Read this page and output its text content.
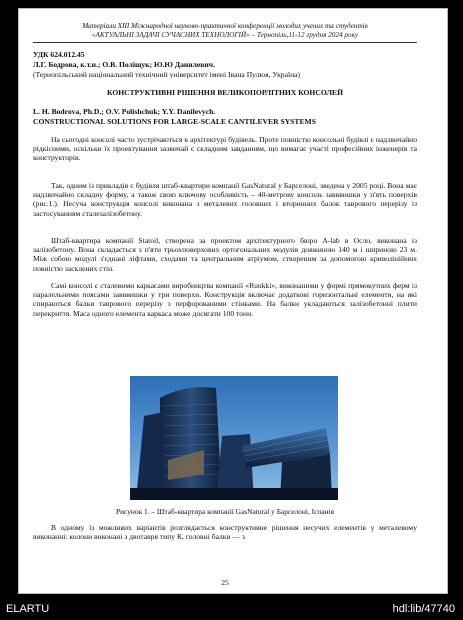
Матеріали XIII Міжнародної науково-практичної конференції молодих учених та студентів
«АКТУАЛЬНІ ЗАДАЧІ СУЧАСНИХ ТЕХНОЛОГІЙ» – Тернопіль,11-12 грудня 2024 року
УДК 624.012.45
Л.Г. Бодрова, к.т.н.; О.В. Поліщук; Ю.Ю Данилевич.
(Тернопільський національний технічний університет імені Івана Пулюя, Україна)
КОНСТРУКТИВНІ РІШЕННЯ ВЕЛИКОПОРЛІТНИХ КОНСОЛЕЙ
L. H. Bodrova, Ph.D.; O.V. Polishchuk; Y.Y. Danilevych.
CONSTRUCTIONAL SOLUTIONS FOR LARGE-SCALE CANTILEVER SYSTEMS
На сьогодні консолі часто зустрічаються в архітектурі будівель. Проте повністю консольні будівлі є надзвичайно рідкісними, оскільки їх проектування зазвичай є складним завданням, що вимагає участі професійних інженерів та конструкторів.
Так, одним із прикладів є будівля штаб-квартири компанії GasNatural у Барселоні, зведена у 2005 році. Вона має надзвичайно складну форму, а також свою ключову особливість – 40-метрову консоль завввишки у п'ять поверхів (рис.1.). Несуча конструкція консолі виконана з металевих головних і вторинних балок таврового перерізу із застосуванням сталезалізобетону.
Штаб-квартира компанії Statoil, створена за проектом архітектурного бюро A-lab в Осло, виконана із залізобетону. Вона складається з п'яти трьохповерхових ортогональних модулів довжиною 140 м і шириною 23 м. Між собою модулі з'єднані ліфтами, сходами та центральним атріумом, створеним за допомогою криволінійних повністю засклених стін.
Самі консолі є сталевими каркасами виробництва компанії «Ruukki», виконаними у формі прямокутних ферм із паралельними поясами завввишки у три поверхи. Конструкція включає додаткові горизонтальні елементи, на які спираються балки таврового перерізу з перфорованими стінками. На балки укладаються залізобетонні плити перекриття. Маса одного елемента каркаса може досягати 100 тонн.
Рисунок 1. – Штаб-квартира компанії GasNatural у Барселоні, Іспанія
В одному із можливих варіантів розглядається конструктивне рішення несучих елементів у металевому виконанні: колони виконані з двотавря типу К, головні балки — з
25
ELARTU	hdl:lib/47740
